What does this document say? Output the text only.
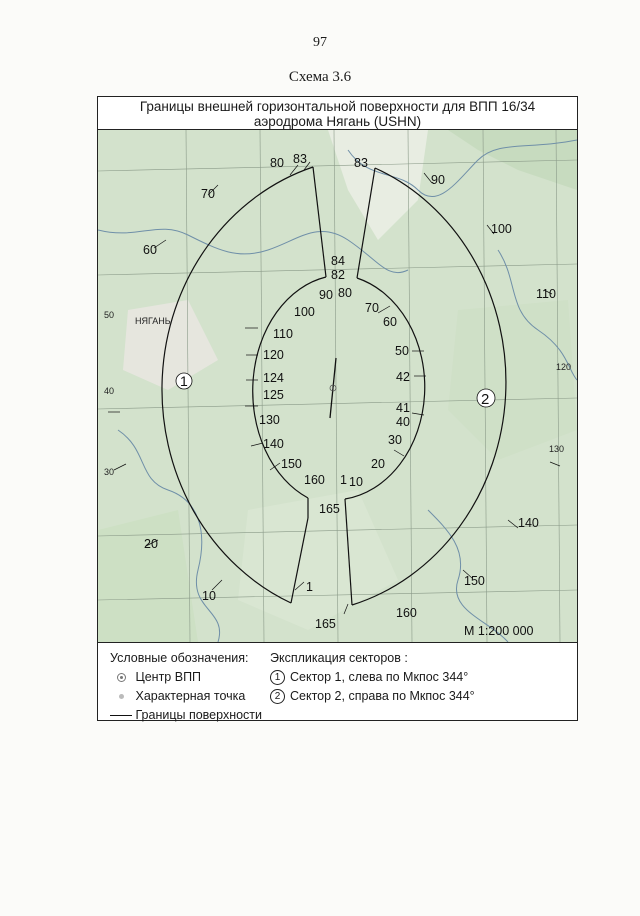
97
Схема 3.6
Границы внешней горизонтальной поверхности для ВПП 16/34
аэродрома Нягань (USHN)
80 83	83
90
100
110
70
60
20
10
1
140
150
160
165
84
82
90 80
100	70
60
110
50
120
124	42
125
41
130	40
140	30
150	20
160 1 10
165
50
40
30
120
130
НЯГАНЬ
1
2
М 1:200 000
Условные обозначения:
Центр ВПП
Характерная точка
Границы поверхности
Экспликация секторов :
1 Сектор 1, слева по Мкпос 344°
2 Сектор 2, справа по Мкпос 344°
